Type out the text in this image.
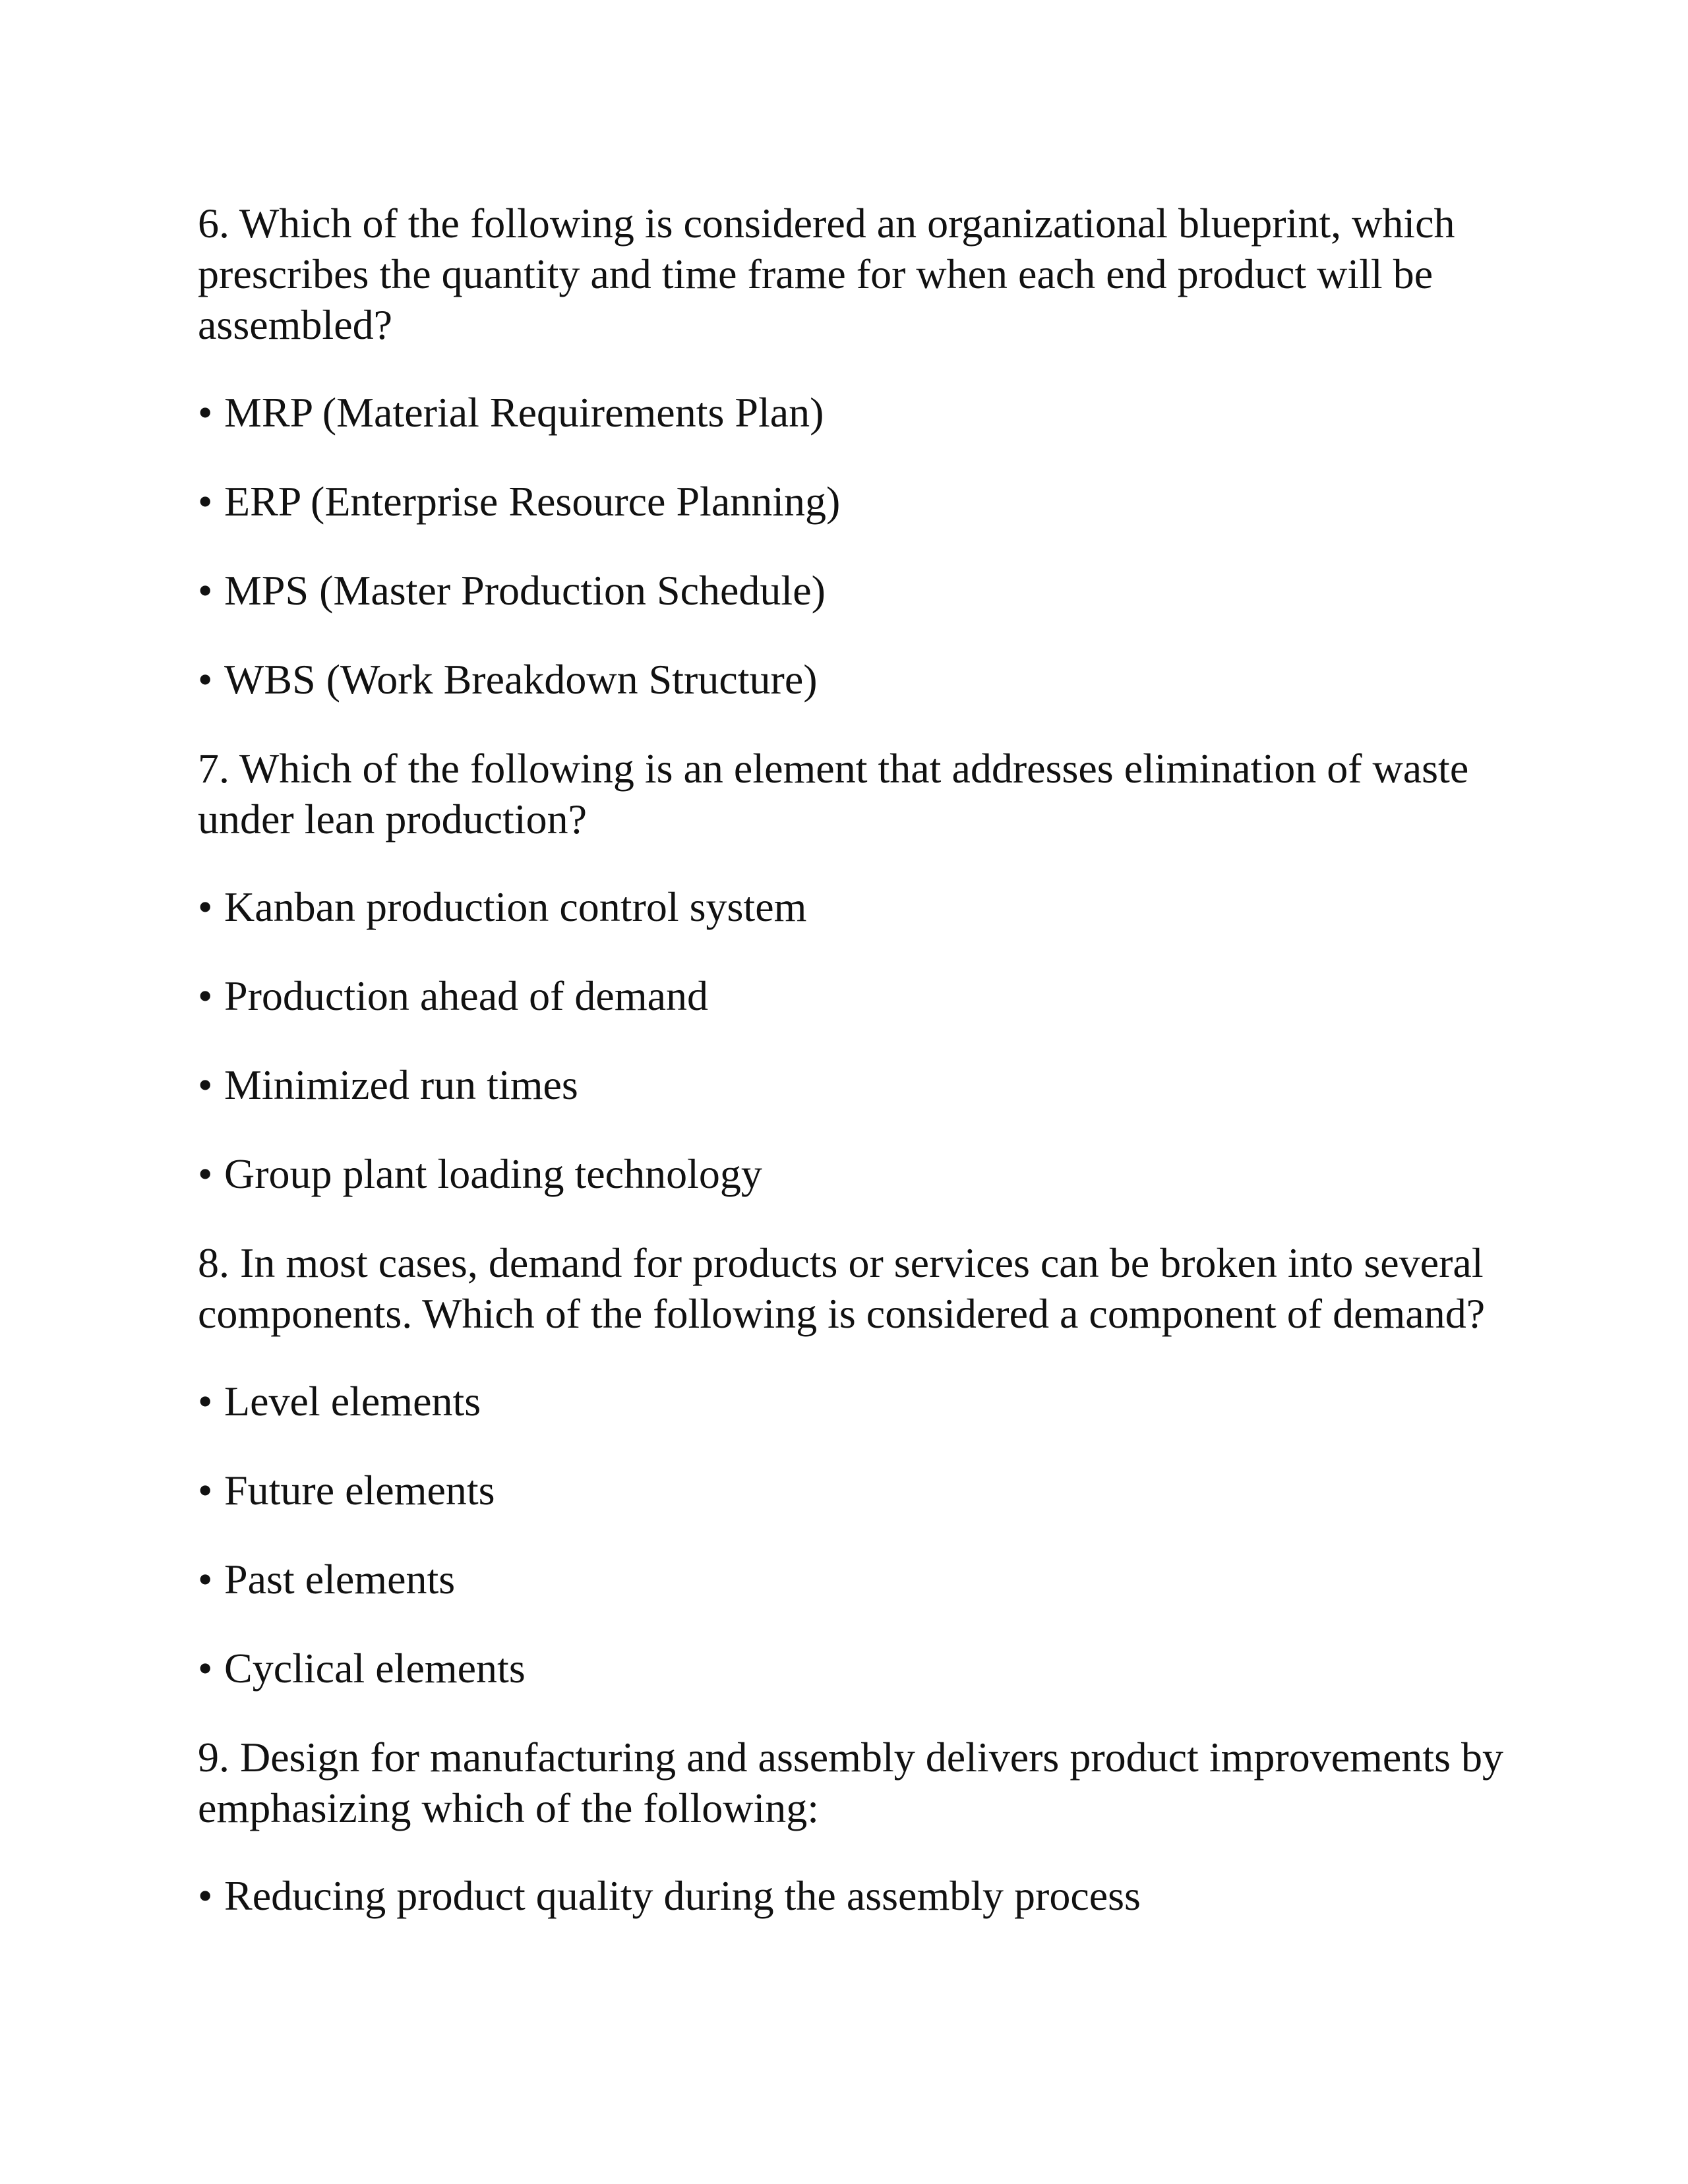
6. Which of the following is considered an organizational blueprint, which prescribes the quantity and time frame for when each end product will be assembled?
• MRP (Material Requirements Plan)
• ERP (Enterprise Resource Planning)
• MPS (Master Production Schedule)
• WBS (Work Breakdown Structure)
7. Which of the following is an element that addresses elimination of waste under lean production?
• Kanban production control system
• Production ahead of demand
• Minimized run times
• Group plant loading technology
8. In most cases, demand for products or services can be broken into several components. Which of the following is considered a component of demand?
• Level elements
• Future elements
• Past elements
• Cyclical elements
9. Design for manufacturing and assembly delivers product improvements by emphasizing which of the following:
• Reducing product quality during the assembly process
